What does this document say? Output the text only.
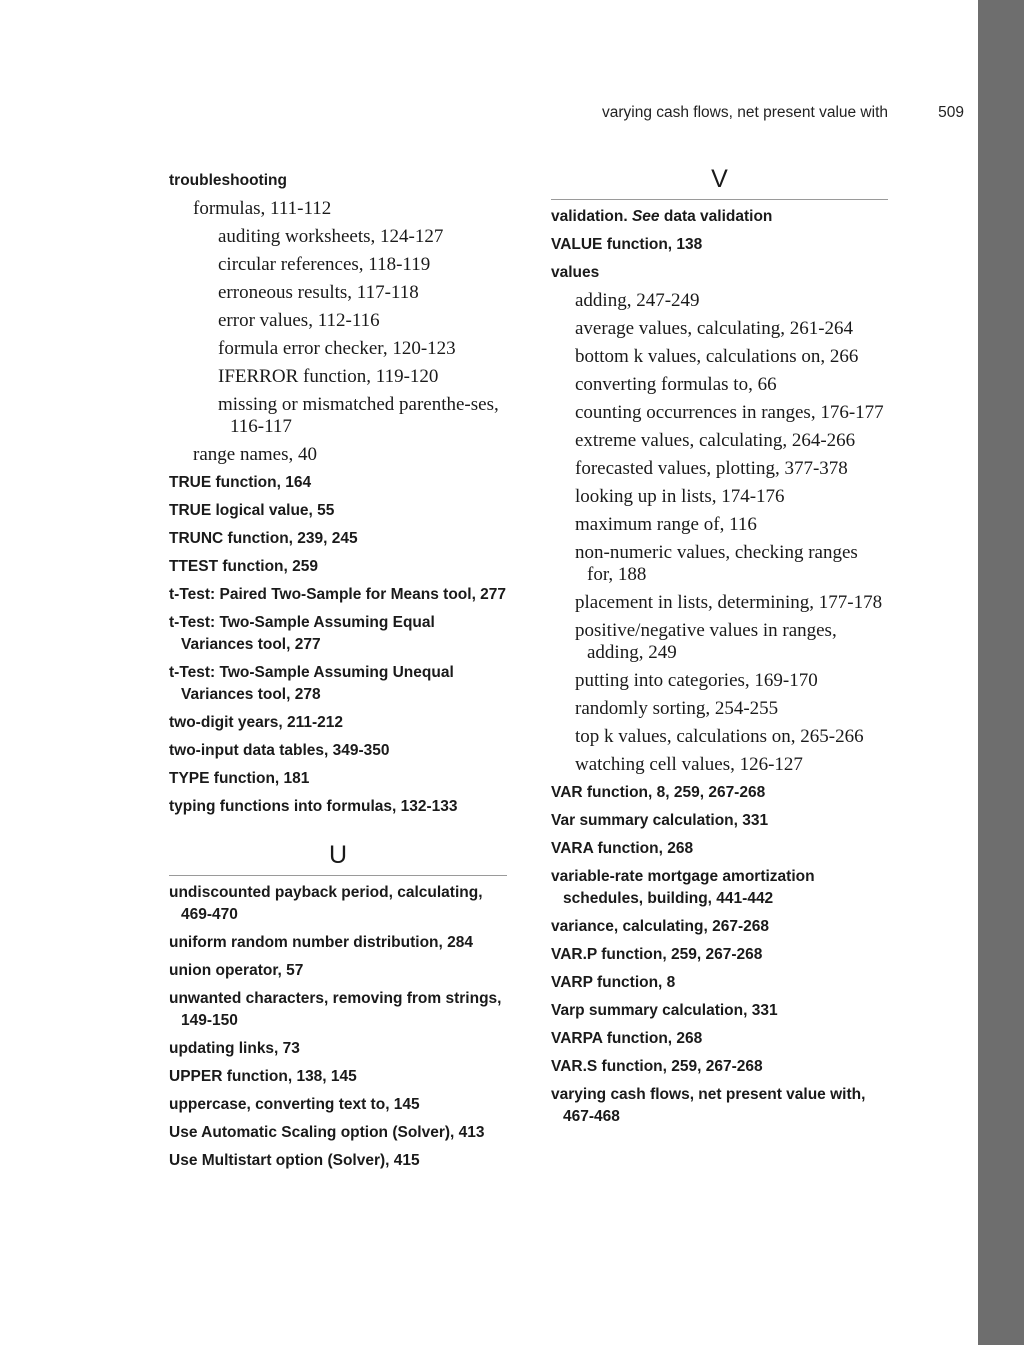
varying cash flows, net present value with	509
troubleshooting
formulas, 111-112
auditing worksheets, 124-127
circular references, 118-119
erroneous results, 117-118
error values, 112-116
formula error checker, 120-123
IFERROR function, 119-120
missing or mismatched parenthe-ses, 116-117
range names, 40
TRUE function, 164
TRUE logical value, 55
TRUNC function, 239, 245
TTEST function, 259
t-Test: Paired Two-Sample for Means tool, 277
t-Test: Two-Sample Assuming Equal Variances tool, 277
t-Test: Two-Sample Assuming Unequal Variances tool, 278
two-digit years, 211-212
two-input data tables, 349-350
TYPE function, 181
typing functions into formulas, 132-133
U
undiscounted payback period, calculating, 469-470
uniform random number distribution, 284
union operator, 57
unwanted characters, removing from strings, 149-150
updating links, 73
UPPER function, 138, 145
uppercase, converting text to, 145
Use Automatic Scaling option (Solver), 413
Use Multistart option (Solver), 415
V
validation. See data validation
VALUE function, 138
values
adding, 247-249
average values, calculating, 261-264
bottom k values, calculations on, 266
converting formulas to, 66
counting occurrences in ranges, 176-177
extreme values, calculating, 264-266
forecasted values, plotting, 377-378
looking up in lists, 174-176
maximum range of, 116
non-numeric values, checking ranges for, 188
placement in lists, determining, 177-178
positive/negative values in ranges, adding, 249
putting into categories, 169-170
randomly sorting, 254-255
top k values, calculations on, 265-266
watching cell values, 126-127
VAR function, 8, 259, 267-268
Var summary calculation, 331
VARA function, 268
variable-rate mortgage amortization schedules, building, 441-442
variance, calculating, 267-268
VAR.P function, 259, 267-268
VARP function, 8
Varp summary calculation, 331
VARPA function, 268
VAR.S function, 259, 267-268
varying cash flows, net present value with, 467-468
